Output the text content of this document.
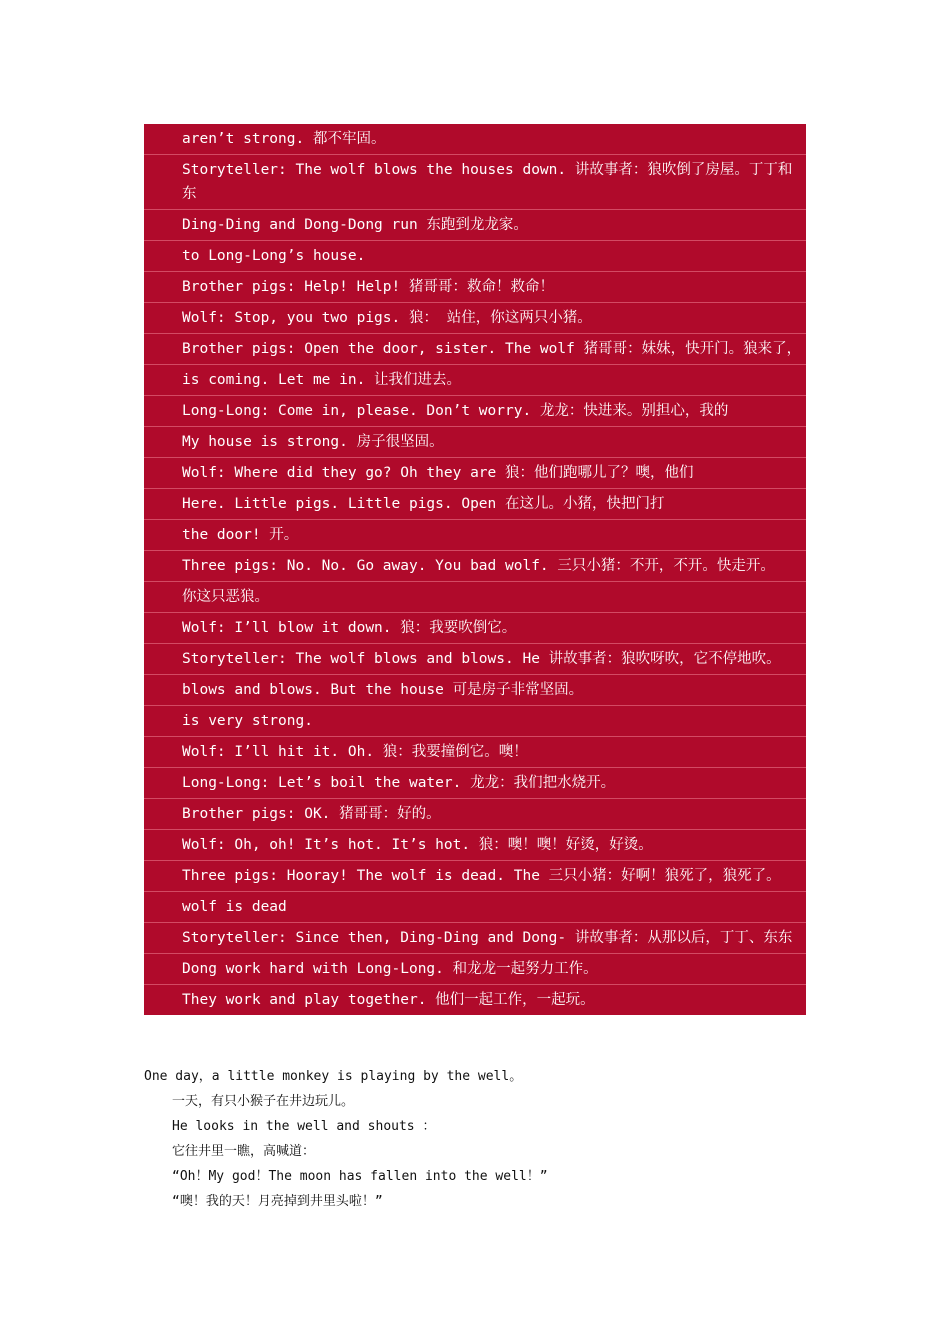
aren’t strong. 都不牢固。
Storyteller: The wolf blows the houses down. 讲故事者：狼吹倒了房屋。丁丁和东
Ding-Ding and Dong-Dong run 东跑到龙龙家。
to Long-Long’s house.
Brother pigs: Help! Help! 猪哥哥：救命！救命！
Wolf: Stop, you two pigs. 狼： 站住，你这两只小猪。
Brother pigs: Open the door, sister. The wolf 猪哥哥：妹妹，快开门。狼来了，
is coming. Let me in. 让我们进去。
Long-Long: Come in, please. Don’t worry. 龙龙：快进来。别担心，我的
My house is strong. 房子很坚固。
Wolf: Where did they go? Oh they are 狼：他们跑哪儿了？噢，他们
Here. Little pigs. Little pigs. Open 在这儿。小猪，快把门打
the door! 开。
Three pigs: No. No. Go away. You bad wolf. 三只小猪：不开，不开。快走开。
你这只恶狼。
Wolf: I’ll blow it down. 狼：我要吹倒它。
Storyteller: The wolf blows and blows. He 讲故事者：狼吹呀吹，它不停地吹。
blows and blows. But the house 可是房子非常坚固。
is very strong.
Wolf: I’ll hit it. Oh. 狼：我要撞倒它。噢！
Long-Long: Let’s boil the water. 龙龙：我们把水烧开。
Brother pigs: OK. 猪哥哥：好的。
Wolf: Oh, oh! It’s hot. It’s hot. 狼：噢！噢！好烫，好烫。
Three pigs: Hooray! The wolf is dead. The 三只小猪：好啊！狼死了，狼死了。
wolf is dead
Storyteller: Since then, Ding-Ding and Dong- 讲故事者：从那以后，丁丁、东东
Dong work hard with Long-Long. 和龙龙一起努力工作。
They work and play together. 他们一起工作，一起玩。
One day，a little monkey is playing by the well。
一天，有只小猴子在井边玩儿。
He looks in the well and shouts ：
它往井里一瞧，高喊道：
“Oh！My god！The moon has fallen into the well！”
“噢！我的天！月亮掉到井里头啦！”
